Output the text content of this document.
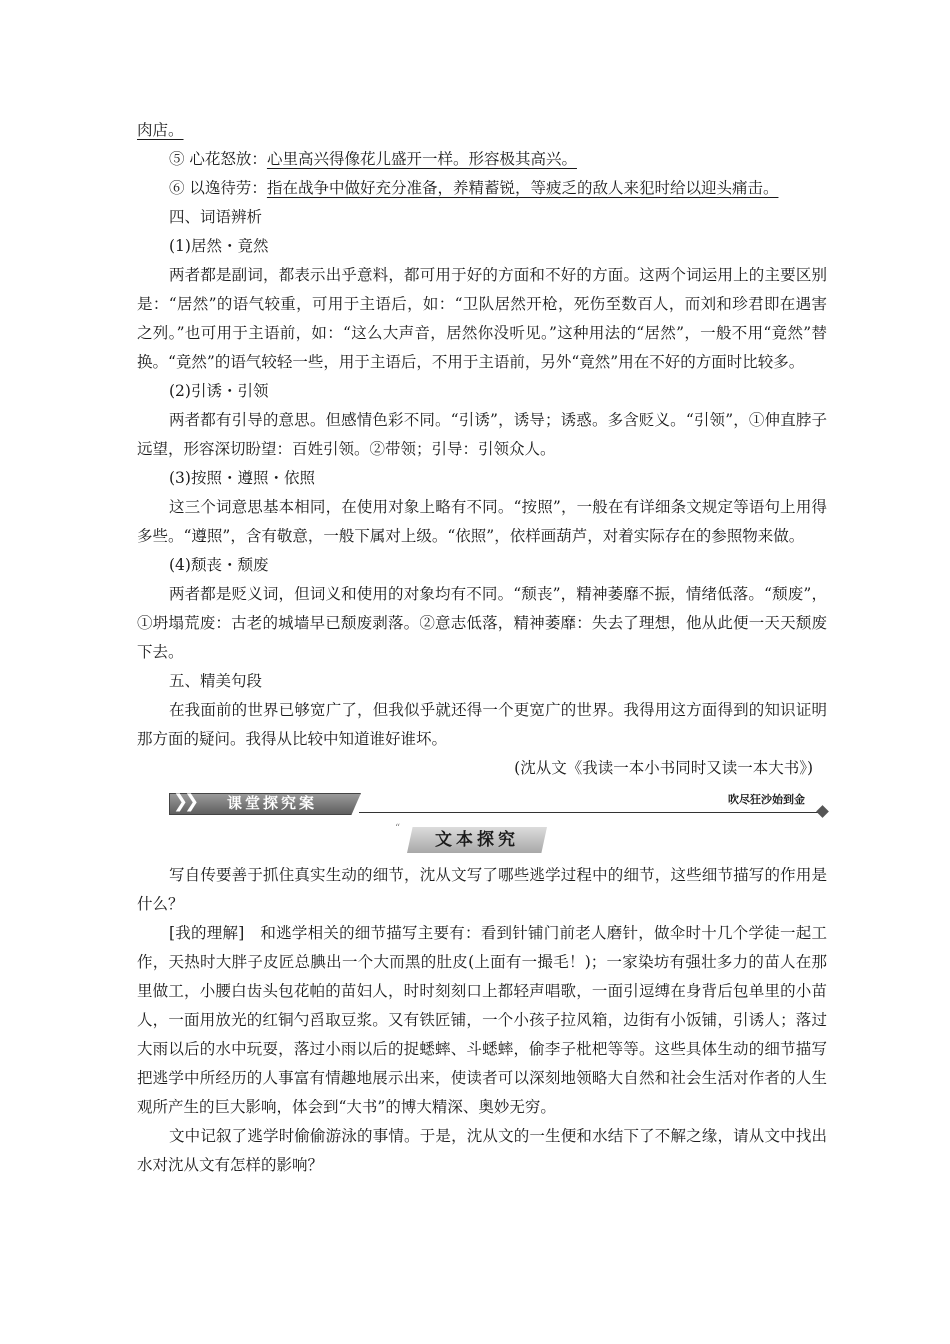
肉店。
⑤ 心花怒放：心里高兴得像花儿盛开一样。形容极其高兴。
⑥ 以逸待劳：指在战争中做好充分准备，养精蓄锐，等疲乏的敌人来犯时给以迎头痛击。
四、词语辨析
(1)居然・竟然
两者都是副词，都表示出乎意料，都可用于好的方面和不好的方面。这两个词运用上的主要区别是：“居然”的语气较重，可用于主语后，如：“卫队居然开枪，死伤至数百人，而刘和珍君即在遇害之列。”也可用于主语前，如：“这么大声音，居然你没听见。”这种用法的“居然”，一般不用“竟然”替换。“竟然”的语气较轻一些，用于主语后，不用于主语前，另外“竟然”用在不好的方面时比较多。
(2)引诱・引领
两者都有引导的意思。但感情色彩不同。“引诱”，诱导；诱惑。多含贬义。“引领”，①伸直脖子远望，形容深切盼望：百姓引领。②带领；引导：引领众人。
(3)按照・遵照・依照
这三个词意思基本相同，在使用对象上略有不同。“按照”，一般在有详细条文规定等语句上用得多些。“遵照”，含有敬意，一般下属对上级。“依照”，依样画葫芦，对着实际存在的参照物来做。
(4)颓丧・颓废
两者都是贬义词，但词义和使用的对象均有不同。“颓丧”，精神萎靡不振，情绪低落。“颓废”，①坍塌荒废：古老的城墙早已颓废剥落。②意志低落，精神萎靡：失去了理想，他从此便一天天颓废下去。
五、精美句段
在我面前的世界已够宽广了，但我似乎就还得一个更宽广的世界。我得用这方面得到的知识证明那方面的疑问。我得从比较中知道谁好谁坏。
(沈从文《我读一本小书同时又读一本大书》)
❯❯ 课堂探究案	吹尽狂沙始到金
“
文本探究
写自传要善于抓住真实生动的细节，沈从文写了哪些逃学过程中的细节，这些细节描写的作用是什么？
[我的理解]　和逃学相关的细节描写主要有：看到针铺门前老人磨针，做伞时十几个学徒一起工作，天热时大胖子皮匠总腆出一个大而黑的肚皮(上面有一撮毛！)；一家染坊有强壮多力的苗人在那里做工，小腰白齿头包花帕的苗妇人，时时刻刻口上都轻声唱歌，一面引逗缚在身背后包单里的小苗人，一面用放光的红铜勺舀取豆浆。又有铁匠铺，一个小孩子拉风箱，边街有小饭铺，引诱人；落过大雨以后的水中玩耍，落过小雨以后的捉蟋蟀、斗蟋蟀，偷李子枇杷等等。这些具体生动的细节描写把逃学中所经历的人事富有情趣地展示出来，使读者可以深刻地领略大自然和社会生活对作者的人生观所产生的巨大影响，体会到“大书”的博大精深、奥妙无穷。
文中记叙了逃学时偷偷游泳的事情。于是，沈从文的一生便和水结下了不解之缘，请从文中找出水对沈从文有怎样的影响？
